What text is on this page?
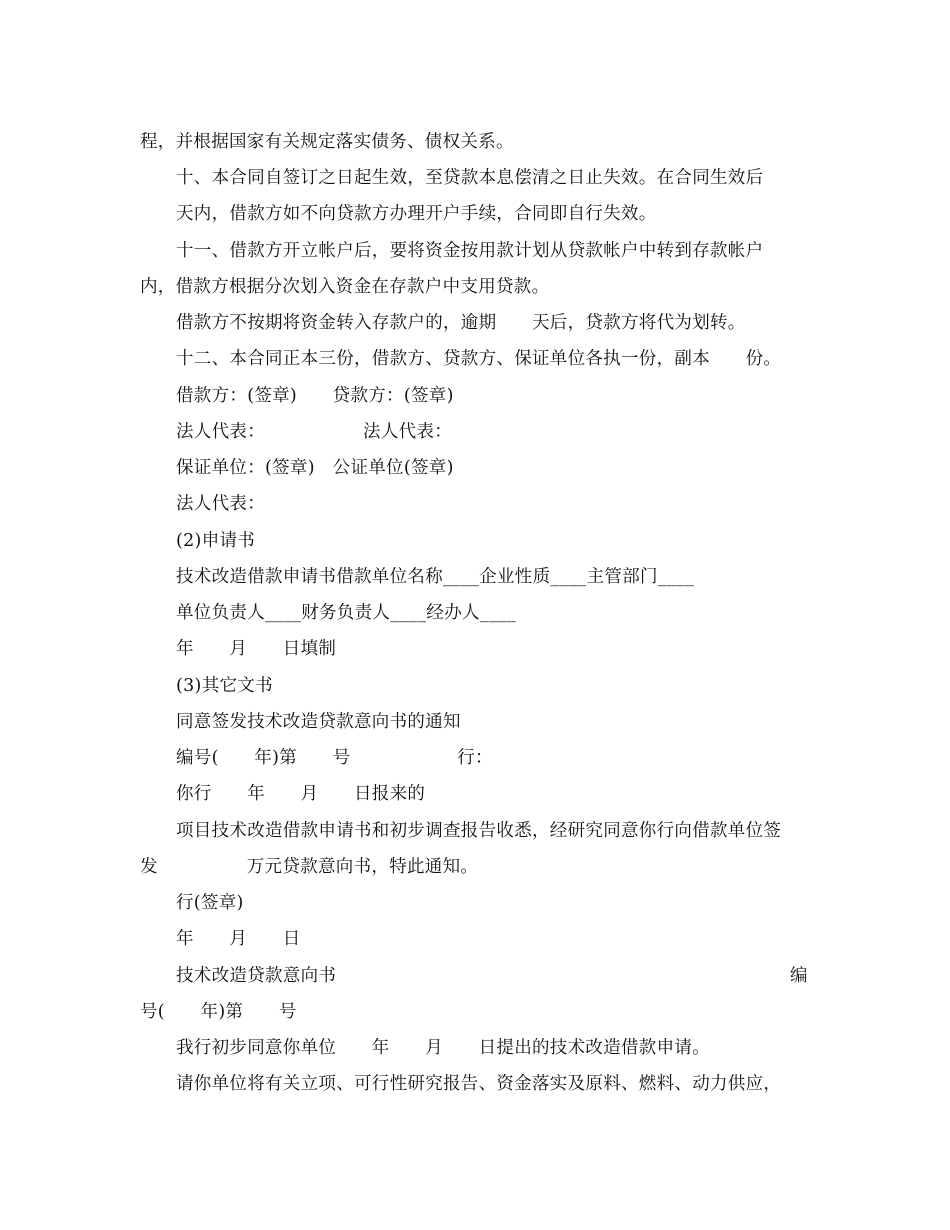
程，并根据国家有关规定落实债务、债权关系。
十、本合同自签订之日起生效，至贷款本息偿清之日止失效。在合同生效后
天内，借款方如不向贷款方办理开户手续，合同即自行失效。
十一、借款方开立帐户后，要将资金按用款计划从贷款帐户中转到存款帐户
内，借款方根据分次划入资金在存款户中支用贷款。
借款方不按期将资金转入存款户的，逾期　　天后，贷款方将代为划转。
十二、本合同正本三份，借款方、贷款方、保证单位各执一份，副本　　份。
借款方：(签章)　　贷款方：(签章)
法人代表：　　　　　　法人代表：
保证单位：(签章)　公证单位(签章)
法人代表：
(2)申请书
技术改造借款申请书借款单位名称____企业性质____主管部门____
单位负责人____财务负责人____经办人____
年　　月　　日填制
(3)其它文书
同意签发技术改造贷款意向书的通知
编号(　　年)第　　号　　　　　　行：
你行　　年　　月　　日报来的
项目技术改造借款申请书和初步调查报告收悉，经研究同意你行向借款单位签
发　　　　　万元贷款意向书，特此通知。
行(签章)
年　　月　　日
技术改造贷款意向书	编
号(　　年)第　　号
我行初步同意你单位　　年　　月　　日提出的技术改造借款申请。
请你单位将有关立项、可行性研究报告、资金落实及原料、燃料、动力供应，
